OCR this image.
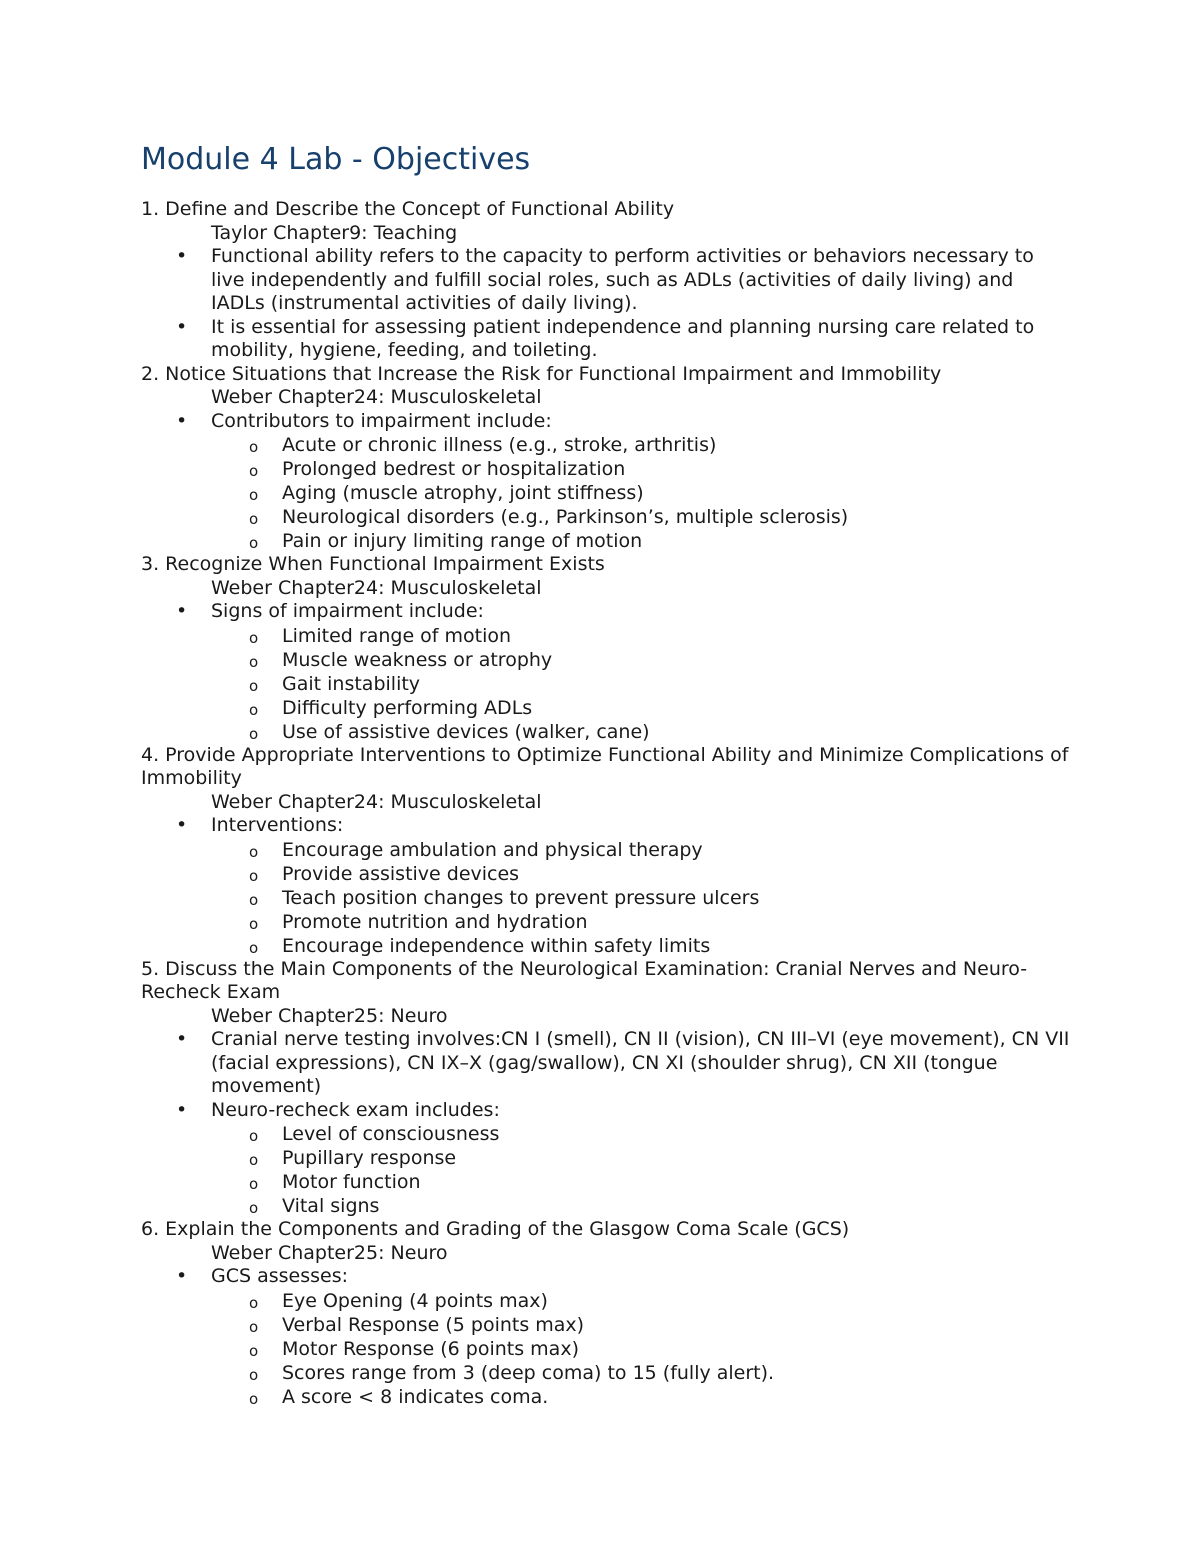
Module 4 Lab - Objectives
1. Define and Describe the Concept of Functional Ability
Taylor Chapter9: Teaching
• Functional ability refers to the capacity to perform activities or behaviors necessary to live independently and fulfill social roles, such as ADLs (activities of daily living) and IADLs (instrumental activities of daily living).
• It is essential for assessing patient independence and planning nursing care related to mobility, hygiene, feeding, and toileting.
2. Notice Situations that Increase the Risk for Functional Impairment and Immobility
Weber Chapter24: Musculoskeletal
• Contributors to impairment include:
o Acute or chronic illness (e.g., stroke, arthritis)
o Prolonged bedrest or hospitalization
o Aging (muscle atrophy, joint stiffness)
o Neurological disorders (e.g., Parkinson’s, multiple sclerosis)
o Pain or injury limiting range of motion
3. Recognize When Functional Impairment Exists
Weber Chapter24: Musculoskeletal
• Signs of impairment include:
o Limited range of motion
o Muscle weakness or atrophy
o Gait instability
o Difficulty performing ADLs
o Use of assistive devices (walker, cane)
4. Provide Appropriate Interventions to Optimize Functional Ability and Minimize Complications of Immobility
Weber Chapter24: Musculoskeletal
• Interventions:
o Encourage ambulation and physical therapy
o Provide assistive devices
o Teach position changes to prevent pressure ulcers
o Promote nutrition and hydration
o Encourage independence within safety limits
5. Discuss the Main Components of the Neurological Examination: Cranial Nerves and Neuro-Recheck Exam
Weber Chapter25: Neuro
• Cranial nerve testing involves:CN I (smell), CN II (vision), CN III–VI (eye movement), CN VII (facial expressions), CN IX–X (gag/swallow), CN XI (shoulder shrug), CN XII (tongue movement)
• Neuro-recheck exam includes:
o Level of consciousness
o Pupillary response
o Motor function
o Vital signs
6. Explain the Components and Grading of the Glasgow Coma Scale (GCS)
Weber Chapter25: Neuro
• GCS assesses:
o Eye Opening (4 points max)
o Verbal Response (5 points max)
o Motor Response (6 points max)
o Scores range from 3 (deep coma) to 15 (fully alert).
o A score < 8 indicates coma.
